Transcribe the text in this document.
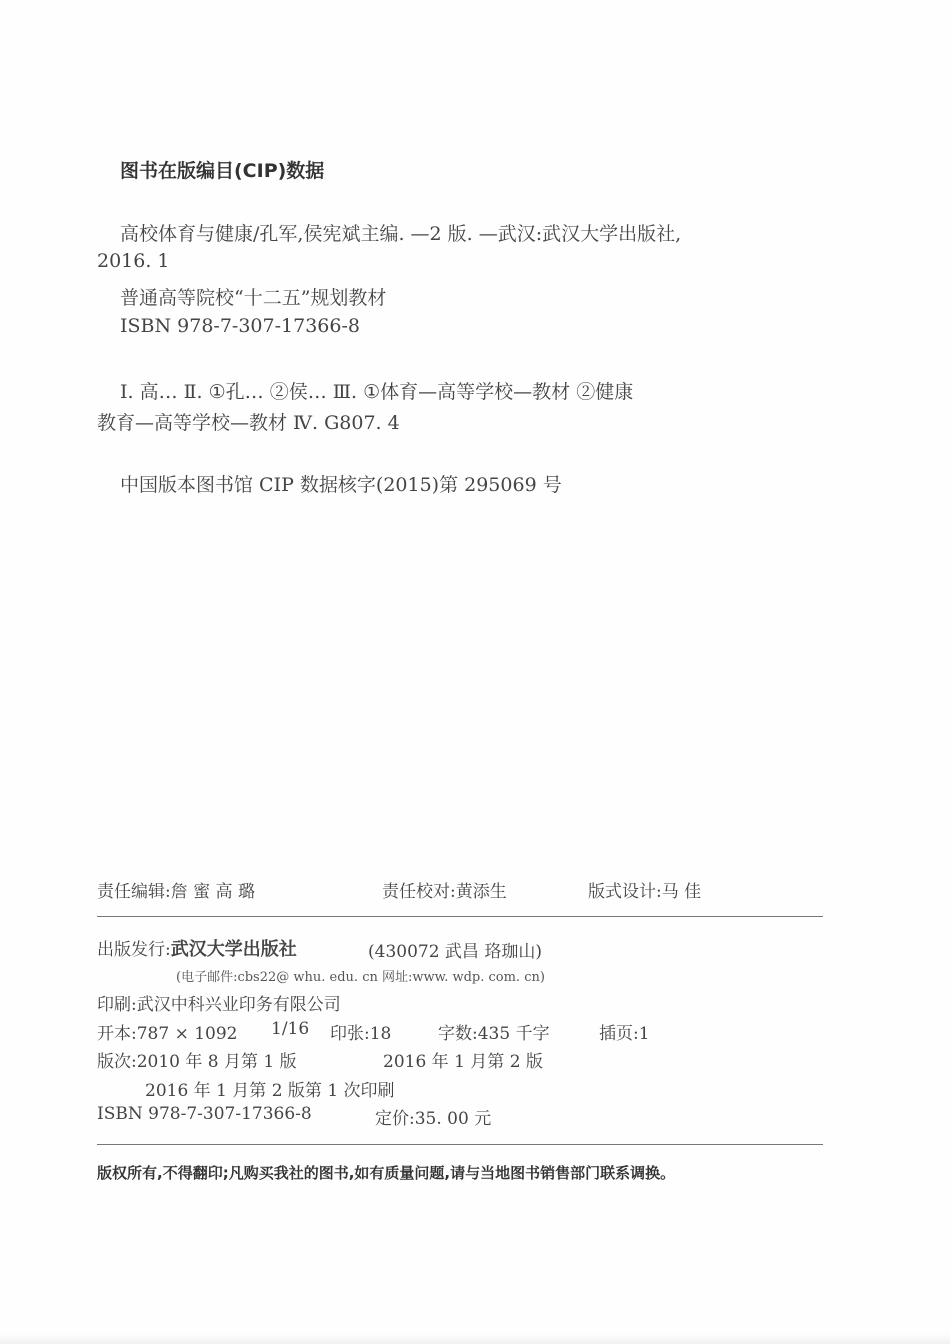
图书在版编目(CIP)数据
高校体育与健康/孔军,侯宪斌主编. —2 版. —武汉:武汉大学出版社,
2016. 1
普通高等院校“十二五”规划教材
ISBN 978-7-307-17366-8
Ⅰ. 高… Ⅱ. ①孔… ②侯… Ⅲ. ①体育—高等学校—教材 ②健康
教育—高等学校—教材 Ⅳ. G807. 4
中国版本图书馆 CIP 数据核字(2015)第 295069 号
责任编辑:詹 蜜 高 璐	责任校对:黄添生	版式设计:马 佳
出版发行:武汉大学出版社	(430072 武昌 珞珈山)
(电子邮件:cbs22@ whu. edu. cn 网址:www. wdp. com. cn)
印刷:武汉中科兴业印务有限公司
开本:787 × 1092 1/16 印张:18	字数:435 千字	插页:1
版次:2010 年 8 月第 1 版	2016 年 1 月第 2 版
2016 年 1 月第 2 版第 1 次印刷
ISBN 978-7-307-17366-8	定价:35. 00 元
版权所有,不得翻印;凡购买我社的图书,如有质量问题,请与当地图书销售部门联系调换。
